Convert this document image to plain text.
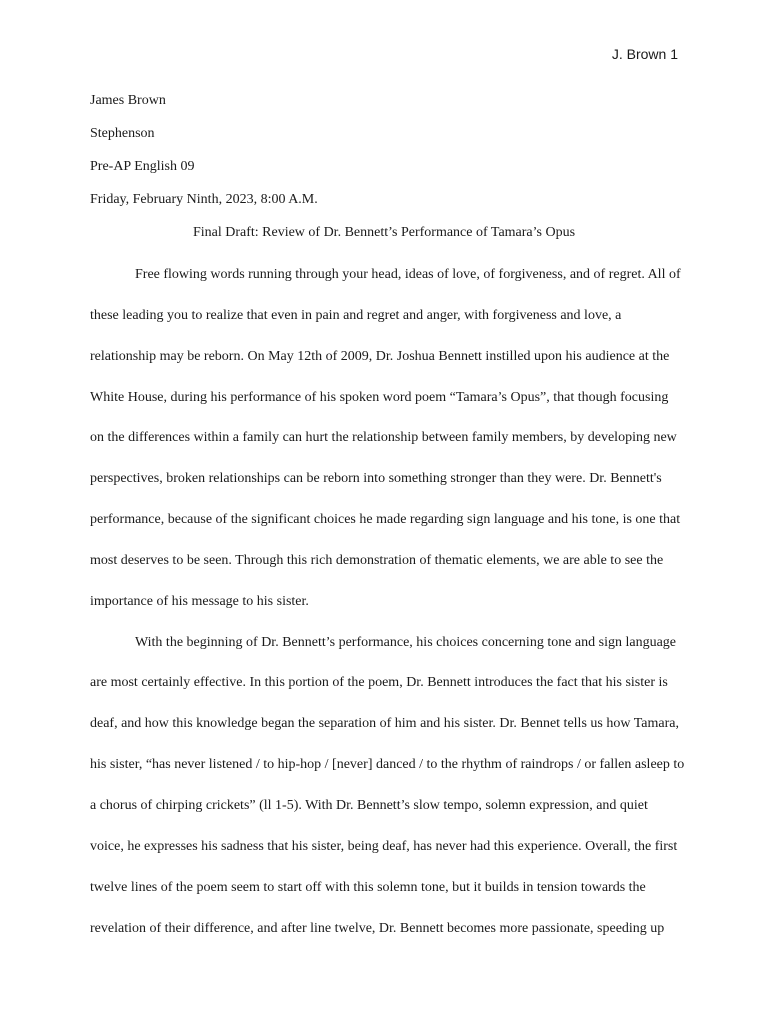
J. Brown 1
James Brown
Stephenson
Pre-AP English 09
Friday, February Ninth, 2023, 8:00 A.M.
Final Draft: Review of Dr. Bennett’s Performance of Tamara’s Opus
Free flowing words running through your head, ideas of love, of forgiveness, and of regret. All of
these leading you to realize that even in pain and regret and anger, with forgiveness and love, a
relationship may be reborn. On May 12th of 2009, Dr. Joshua Bennett instilled upon his audience at the
White House, during his performance of his spoken word poem “Tamara’s Opus”, that though focusing
on the differences within a family can hurt the relationship between family members, by developing new
perspectives, broken relationships can be reborn into something stronger than they were. Dr. Bennett's
performance, because of the significant choices he made regarding sign language and his tone, is one that
most deserves to be seen. Through this rich demonstration of thematic elements, we are able to see the
importance of his message to his sister.
With the beginning of Dr. Bennett’s performance, his choices concerning tone and sign language
are most certainly effective. In this portion of the poem, Dr. Bennett introduces the fact that his sister is
deaf, and how this knowledge began the separation of him and his sister. Dr. Bennet tells us how Tamara,
his sister, “has never listened / to hip-hop / [never] danced / to the rhythm of raindrops / or fallen asleep to
a chorus of chirping crickets” (ll 1-5). With Dr. Bennett’s slow tempo, solemn expression, and quiet
voice, he expresses his sadness that his sister, being deaf, has never had this experience. Overall, the first
twelve lines of the poem seem to start off with this solemn tone, but it builds in tension towards the
revelation of their difference, and after line twelve, Dr. Bennett becomes more passionate, speeding up
